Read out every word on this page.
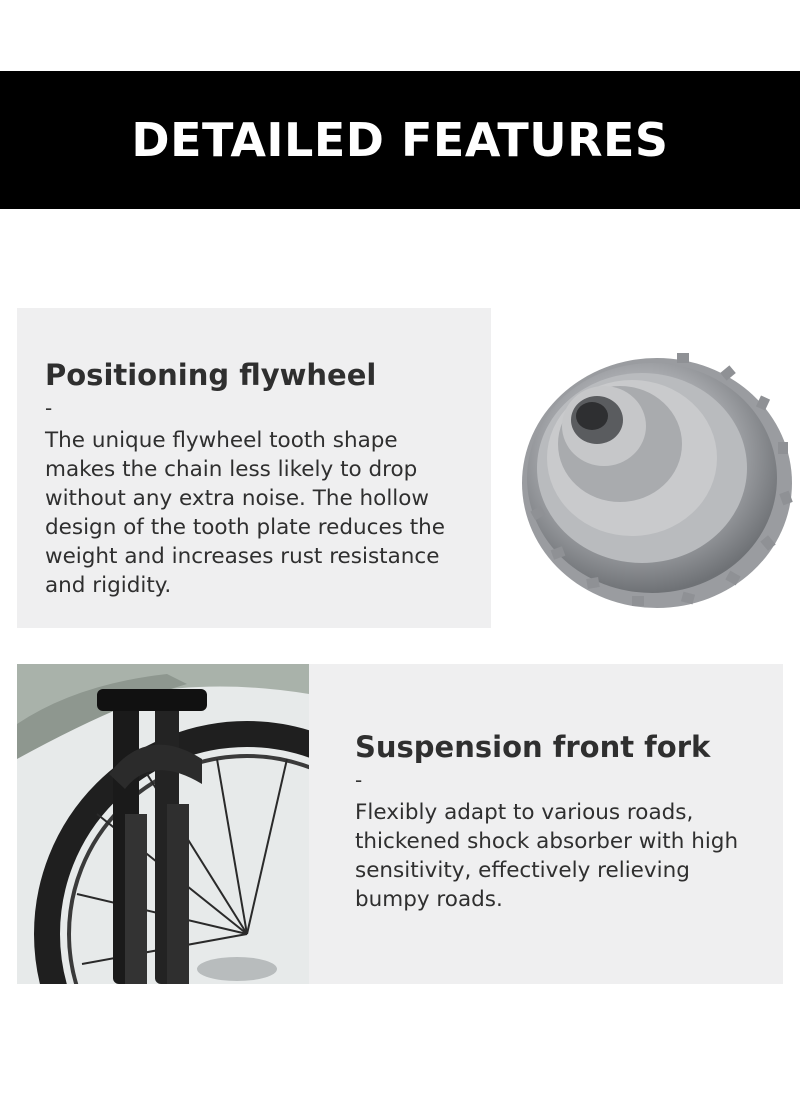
DETAILED FEATURES
Positioning flywheel
-

The unique flywheel tooth shape
makes the chain less likely to drop
without any extra noise. The hollow
design of the tooth plate reduces the
weight and increases rust resistance
and rigidity.

Suspension front fork
-

Flexibly adapt to various roads,
thickened shock absorber with high
sensitivity, effectively relieving
bumpy roads.
